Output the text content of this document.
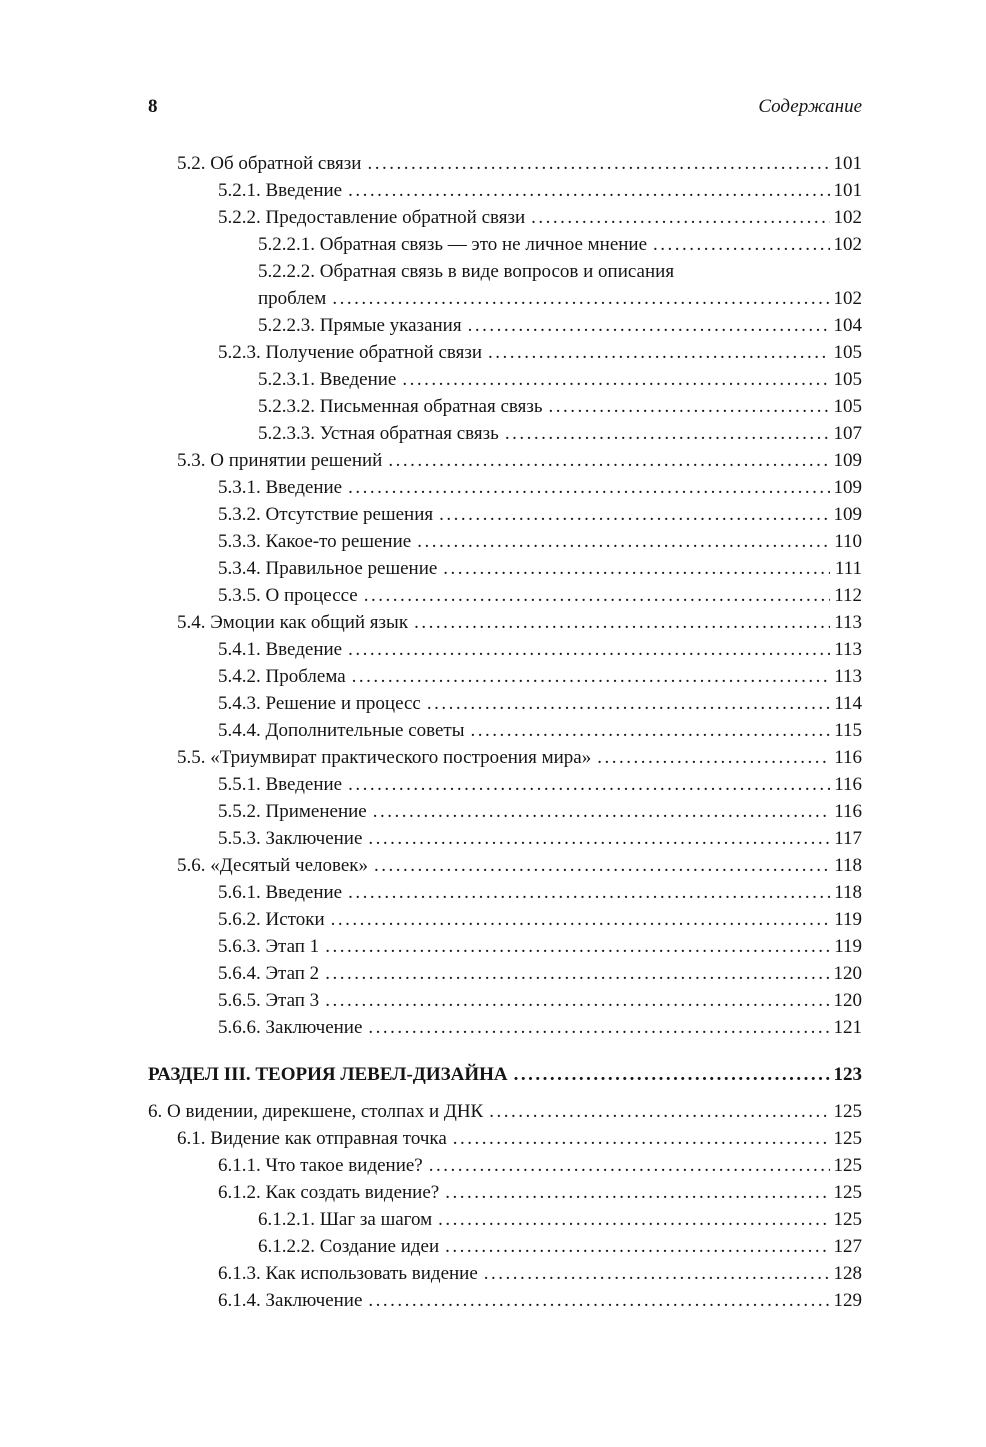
8	Содержание
5.2. Об обратной связи .....	101
5.2.1. Введение .....	101
5.2.2. Предоставление обратной связи .....	102
5.2.2.1. Обратная связь — это не личное мнение .....	102
5.2.2.2. Обратная связь в виде вопросов и описания
проблем .....	102
5.2.2.3. Прямые указания .....	104
5.2.3. Получение обратной связи .....	105
5.2.3.1. Введение .....	105
5.2.3.2. Письменная обратная связь .....	105
5.2.3.3. Устная обратная связь .....	107
5.3. О принятии решений .....	109
5.3.1. Введение .....	109
5.3.2. Отсутствие решения .....	109
5.3.3. Какое-то решение .....	110
5.3.4. Правильное решение .....	111
5.3.5. О процессе .....	112
5.4. Эмоции как общий язык .....	113
5.4.1. Введение .....	113
5.4.2. Проблема .....	113
5.4.3. Решение и процесс .....	114
5.4.4. Дополнительные советы .....	115
5.5. «Триумвират практического построения мира» .....	116
5.5.1. Введение .....	116
5.5.2. Применение .....	116
5.5.3. Заключение .....	117
5.6. «Десятый человек» .....	118
5.6.1. Введение .....	118
5.6.2. Истоки .....	119
5.6.3. Этап 1 .....	119
5.6.4. Этап 2 .....	120
5.6.5. Этап 3 .....	120
5.6.6. Заключение .....	121
РАЗДЕЛ III. ТЕОРИЯ ЛЕВЕЛ-ДИЗАЙНА .....	123
6. О видении, дирекшене, столпах и ДНК .....	125
6.1. Видение как отправная точка .....	125
6.1.1. Что такое видение? .....	125
6.1.2. Как создать видение? .....	125
6.1.2.1. Шаг за шагом .....	125
6.1.2.2. Создание идеи .....	127
6.1.3. Как использовать видение .....	128
6.1.4. Заключение .....	129
